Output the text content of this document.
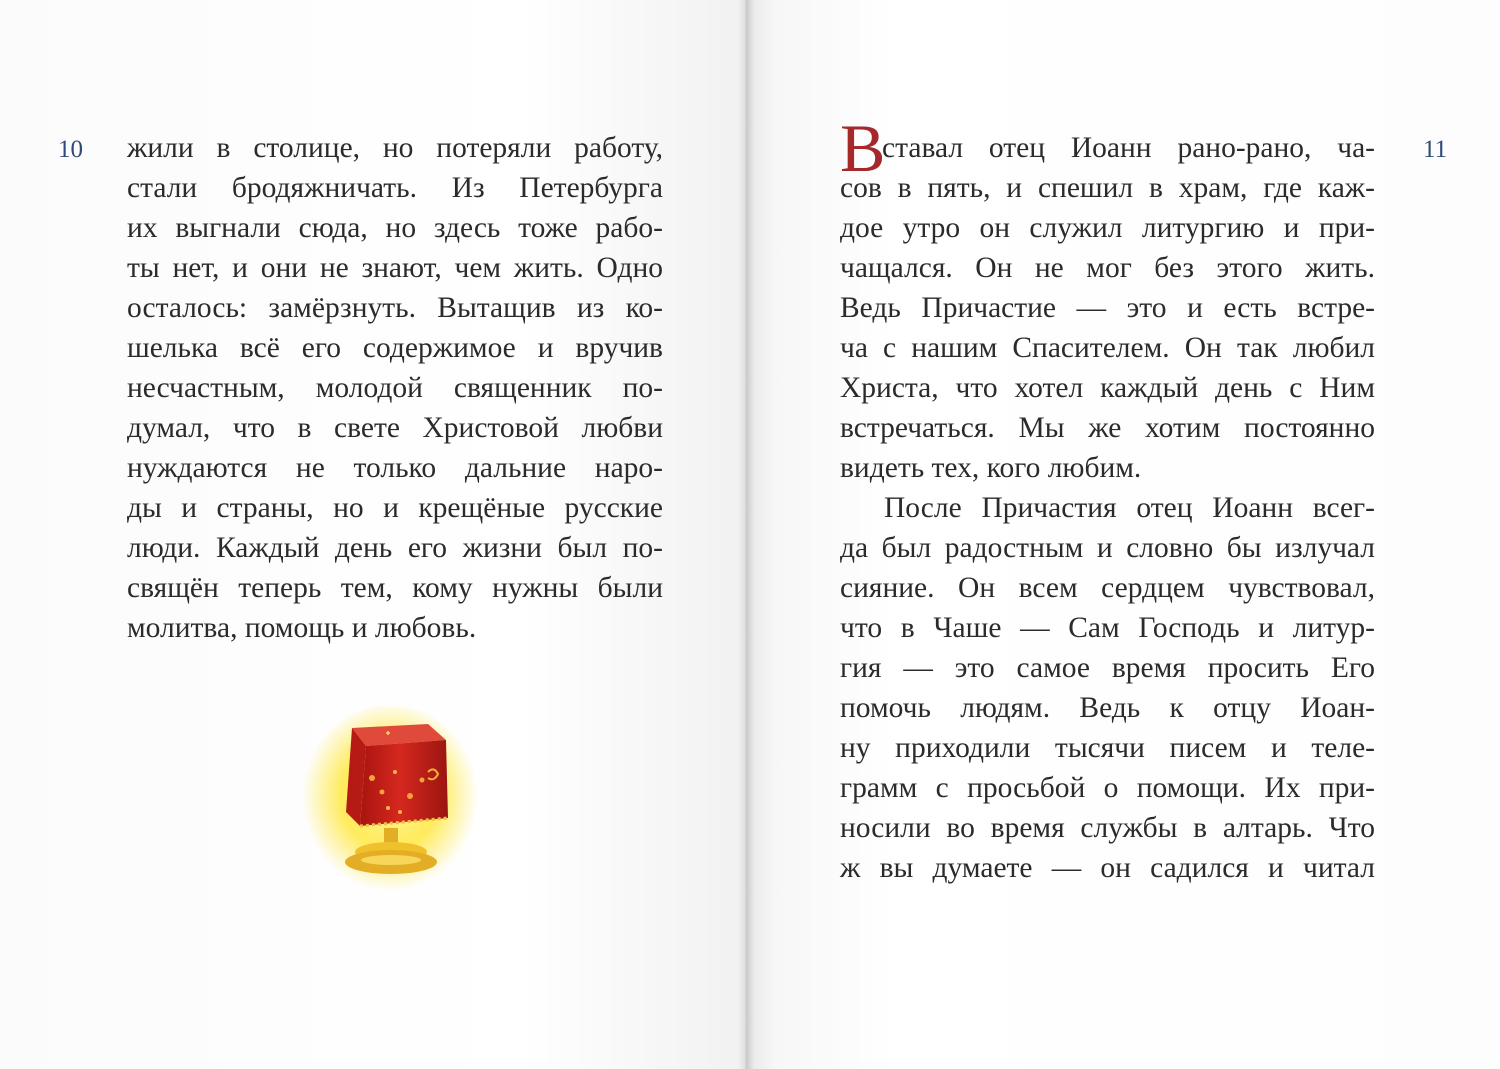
10 жили в столице, но потеряли работу,
стали бродяжничать. Из Петербурга
их выгнали сюда, но здесь тоже рабо-
ты нет, и они не знают, чем жить. Одно
осталось: замёрзнуть. Вытащив из ко-
шелька всё его содержимое и вручив
несчастным, молодой священник по-
думал, что в свете Христовой любви
нуждаются не только дальние наро-
ды и страны, но и крещёные русские
люди. Каждый день его жизни был по-
свящён теперь тем, кому нужны были
молитва, помощь и любовь.
11
В
ставал отец Иоанн рано-рано, ча-
сов в пять, и спешил в храм, где каж-
дое утро он служил литургию и при-
чащался. Он не мог без этого жить.
Ведь Причастие — это и есть встре-
ча с нашим Спасителем. Он так любил
Христа, что хотел каждый день с Ним
встречаться. Мы же хотим постоянно
видеть тех, кого любим.
После Причастия отец Иоанн всег-
да был радостным и словно бы излучал
сияние. Он всем сердцем чувствовал,
что в Чаше — Сам Господь и литур-
гия — это самое время просить Его
помочь людям. Ведь к отцу Иоан-
ну приходили тысячи писем и теле-
грамм с просьбой о помощи. Их при-
носили во время службы в алтарь. Что
ж вы думаете — он садился и читал
